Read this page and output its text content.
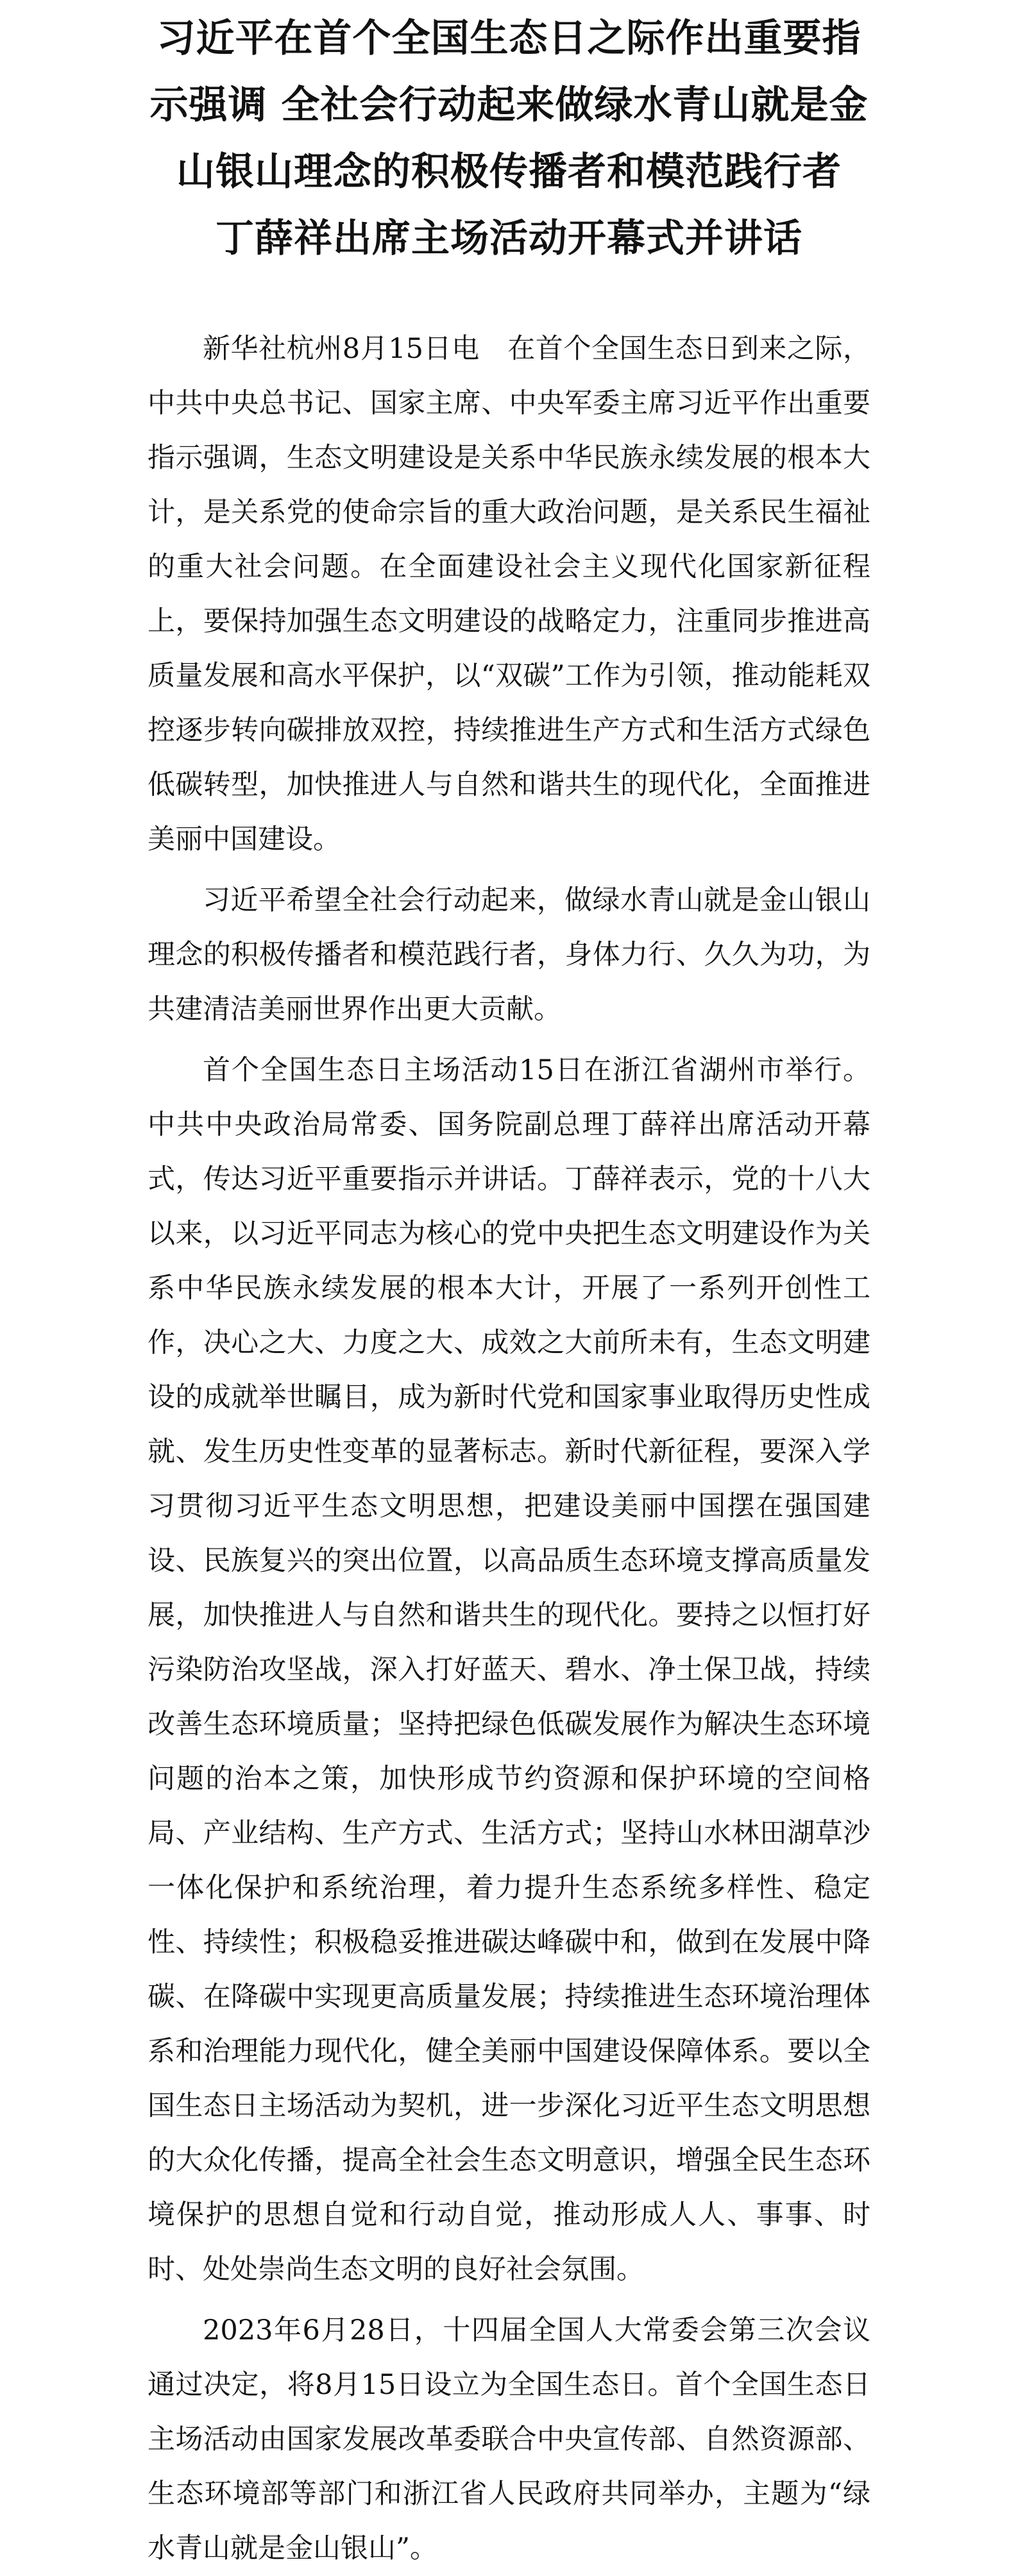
习近平在首个全国生态日之际作出重要指
示强调 全社会行动起来做绿水青山就是金
山银山理念的积极传播者和模范践行者
丁薛祥出席主场活动开幕式并讲话

新华社杭州8月15日电　在首个全国生态日到来之际，中共中央总书记、国家主席、中央军委主席习近平作出重要指示强调，生态文明建设是关系中华民族永续发展的根本大计，是关系党的使命宗旨的重大政治问题，是关系民生福祉的重大社会问题。在全面建设社会主义现代化国家新征程上，要保持加强生态文明建设的战略定力，注重同步推进高质量发展和高水平保护，以“双碳”工作为引领，推动能耗双控逐步转向碳排放双控，持续推进生产方式和生活方式绿色低碳转型，加快推进人与自然和谐共生的现代化，全面推进美丽中国建设。

习近平希望全社会行动起来，做绿水青山就是金山银山理念的积极传播者和模范践行者，身体力行、久久为功，为共建清洁美丽世界作出更大贡献。

首个全国生态日主场活动15日在浙江省湖州市举行。中共中央政治局常委、国务院副总理丁薛祥出席活动开幕式，传达习近平重要指示并讲话。丁薛祥表示，党的十八大以来，以习近平同志为核心的党中央把生态文明建设作为关系中华民族永续发展的根本大计，开展了一系列开创性工作，决心之大、力度之大、成效之大前所未有，生态文明建设的成就举世瞩目，成为新时代党和国家事业取得历史性成就、发生历史性变革的显著标志。新时代新征程，要深入学习贯彻习近平生态文明思想，把建设美丽中国摆在强国建设、民族复兴的突出位置，以高品质生态环境支撑高质量发展，加快推进人与自然和谐共生的现代化。要持之以恒打好污染防治攻坚战，深入打好蓝天、碧水、净土保卫战，持续改善生态环境质量；坚持把绿色低碳发展作为解决生态环境问题的治本之策，加快形成节约资源和保护环境的空间格局、产业结构、生产方式、生活方式；坚持山水林田湖草沙一体化保护和系统治理，着力提升生态系统多样性、稳定性、持续性；积极稳妥推进碳达峰碳中和，做到在发展中降碳、在降碳中实现更高质量发展；持续推进生态环境治理体系和治理能力现代化，健全美丽中国建设保障体系。要以全国生态日主场活动为契机，进一步深化习近平生态文明思想的大众化传播，提高全社会生态文明意识，增强全民生态环境保护的思想自觉和行动自觉，推动形成人人、事事、时时、处处崇尚生态文明的良好社会氛围。

2023年6月28日，十四届全国人大常委会第三次会议通过决定，将8月15日设立为全国生态日。首个全国生态日主场活动由国家发展改革委联合中央宣传部、自然资源部、生态环境部等部门和浙江省人民政府共同举办，主题为“绿水青山就是金山银山”。
